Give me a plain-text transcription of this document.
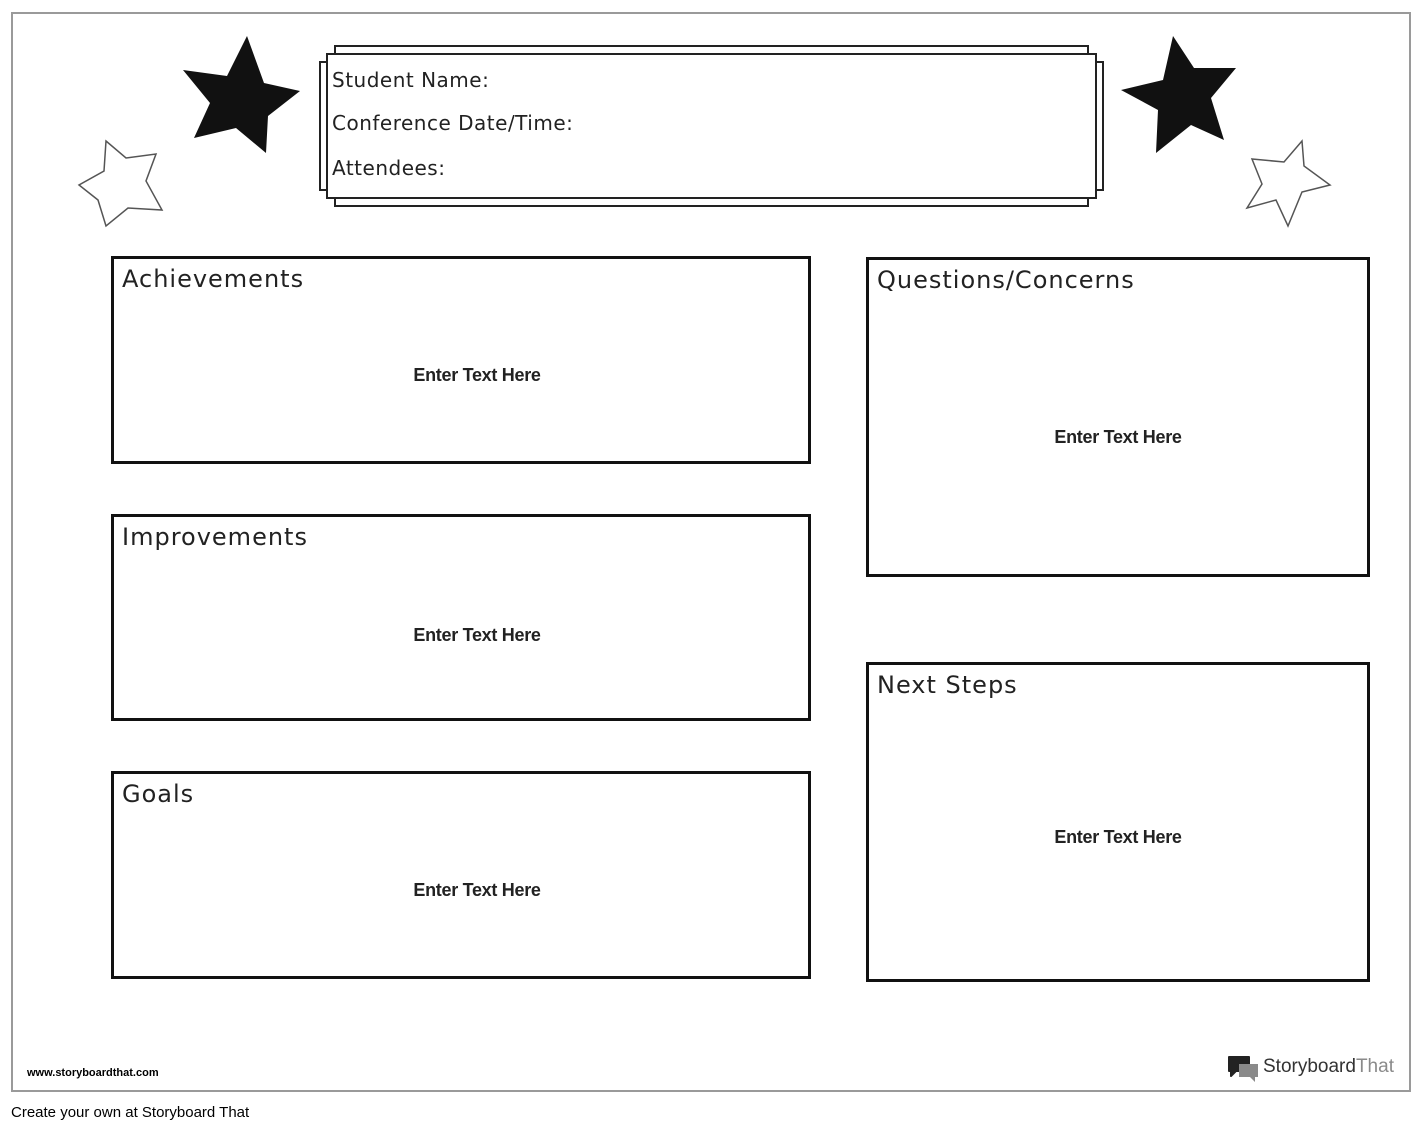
Student Name:
Conference Date/Time:
Attendees:
Achievements
Enter Text Here
Improvements
Enter Text Here
Goals
Enter Text Here
Questions/Concerns
Enter Text Here
Next Steps
Enter Text Here
www.storyboardthat.com	StoryboardThat
Create your own at Storyboard That
